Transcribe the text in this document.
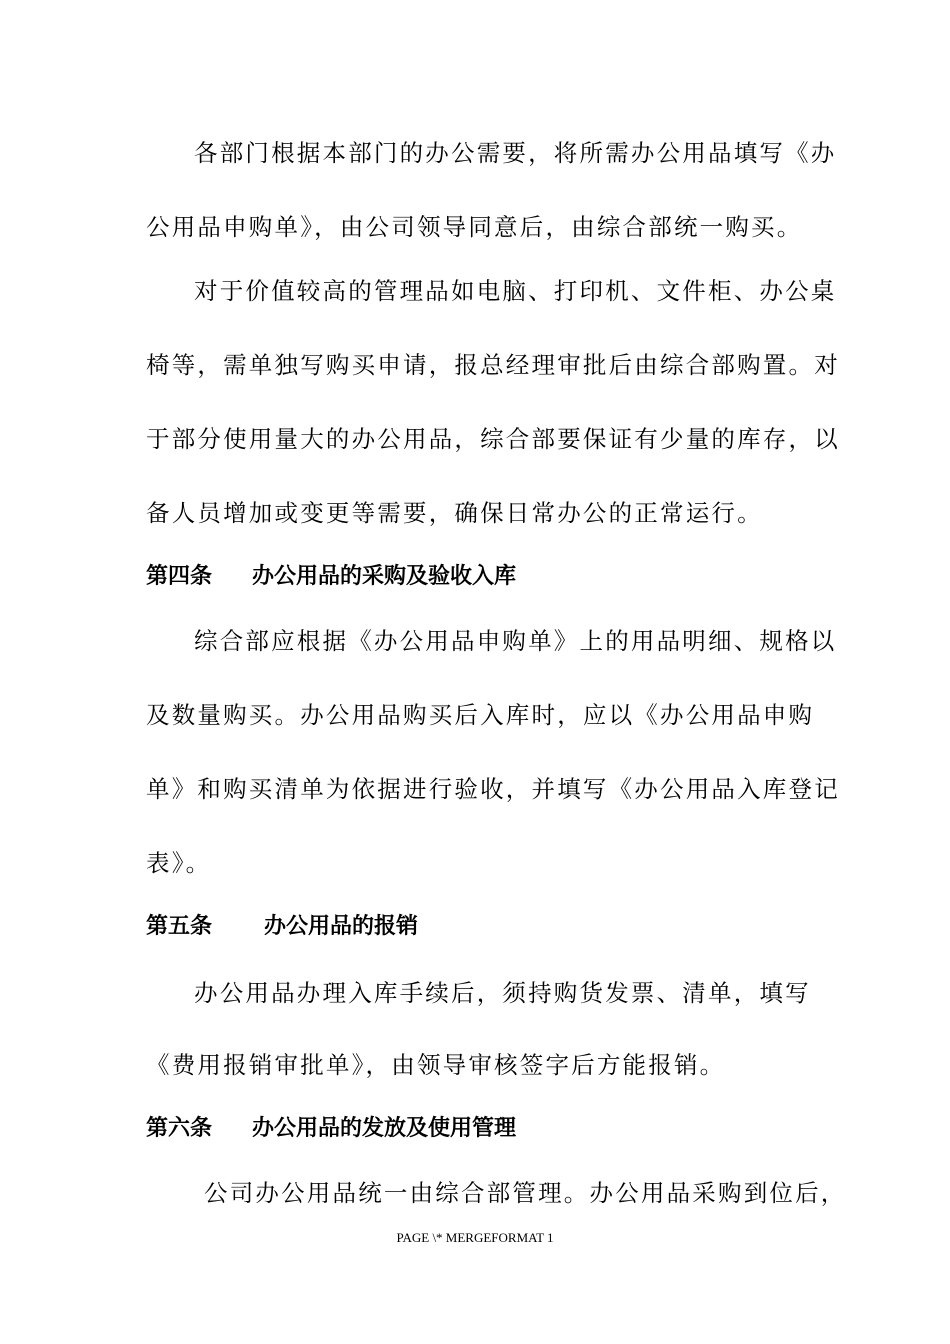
各部门根据本部门的办公需要，将所需办公用品填写《办
公用品申购单》，由公司领导同意后，由综合部统一购买。
对于价值较高的管理品如电脑、打印机、文件柜、办公桌
椅等，需单独写购买申请，报总经理审批后由综合部购置。对
于部分使用量大的办公用品，综合部要保证有少量的库存，以
备人员增加或变更等需要，确保日常办公的正常运行。
第四条 办公用品的采购及验收入库
综合部应根据《办公用品申购单》上的用品明细、规格以
及数量购买。办公用品购买后入库时，应以《办公用品申购
单》和购买清单为依据进行验收，并填写《办公用品入库登记
表》。
第五条 办公用品的报销
办公用品办理入库手续后，须持购货发票、清单，填写
《费用报销审批单》，由领导审核签字后方能报销。
第六条 办公用品的发放及使用管理
公司办公用品统一由综合部管理。办公用品采购到位后，
PAGE \* MERGEFORMAT 1
